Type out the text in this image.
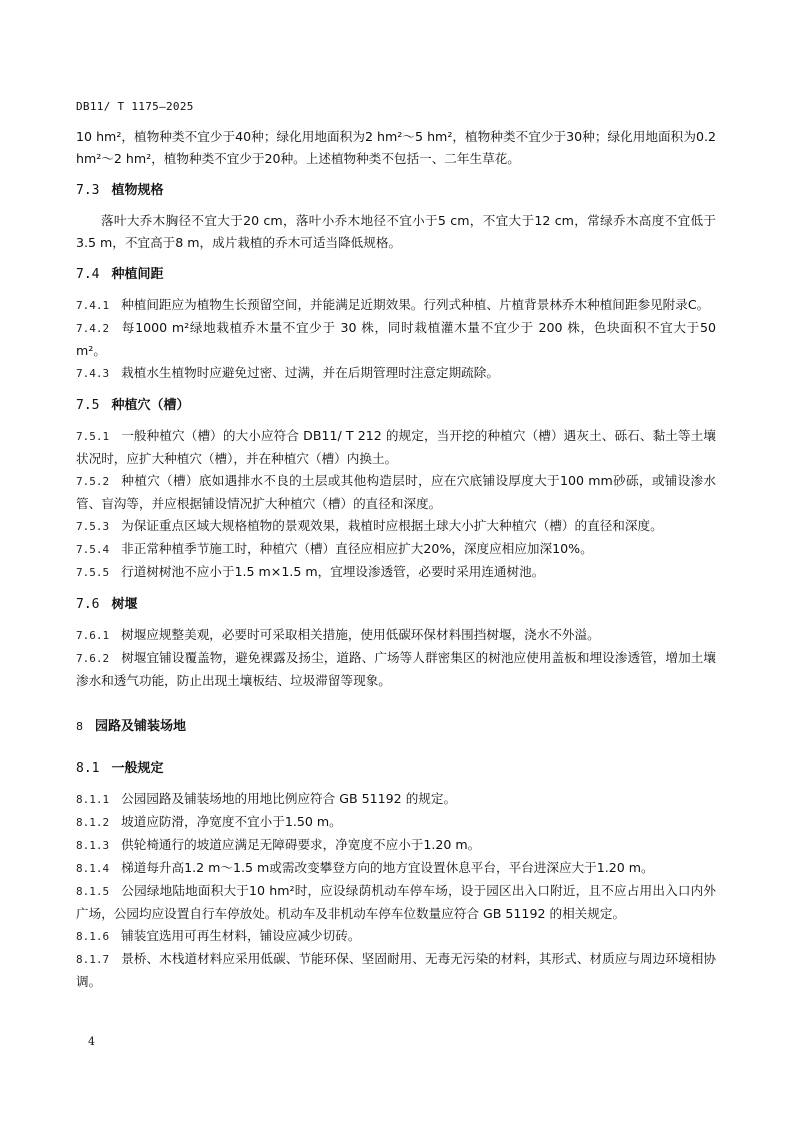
DB11/ T 1175—2025

10 hm²，植物种类不宜少于40种；绿化用地面积为2 hm²～5 hm²，植物种类不宜少于30种；绿化用地面积为0.2 hm²～2 hm²，植物种类不宜少于20种。上述植物种类不包括一、二年生草花。

7.3 植物规格

落叶大乔木胸径不宜大于20 cm，落叶小乔木地径不宜小于5 cm，不宜大于12 cm，常绿乔木高度不宜低于3.5 m，不宜高于8 m，成片栽植的乔木可适当降低规格。

7.4 种植间距

7.4.1 种植间距应为植物生长预留空间，并能满足近期效果。行列式种植、片植背景林乔木种植间距参见附录C。

7.4.2 每1000 m²绿地栽植乔木量不宜少于 30 株，同时栽植灌木量不宜少于 200 株，色块面积不宜大于50 m²。

7.4.3 栽植水生植物时应避免过密、过满，并在后期管理时注意定期疏除。

7.5 种植穴（槽）

7.5.1 一般种植穴（槽）的大小应符合 DB11/ T 212 的规定，当开挖的种植穴（槽）遇灰土、砾石、黏土等土壤状况时，应扩大种植穴（槽），并在种植穴（槽）内换土。

7.5.2 种植穴（槽）底如遇排水不良的土层或其他构造层时，应在穴底铺设厚度大于100 mm砂砾，或铺设渗水管、盲沟等，并应根据铺设情况扩大种植穴（槽）的直径和深度。

7.5.3 为保证重点区域大规格植物的景观效果，栽植时应根据土球大小扩大种植穴（槽）的直径和深度。

7.5.4 非正常种植季节施工时，种植穴（槽）直径应相应扩大20%，深度应相应加深10%。

7.5.5 行道树树池不应小于1.5 m×1.5 m，宜埋设渗透管，必要时采用连通树池。

7.6 树堰

7.6.1 树堰应规整美观，必要时可采取相关措施，使用低碳环保材料围挡树堰，浇水不外溢。

7.6.2 树堰宜铺设覆盖物，避免裸露及扬尘，道路、广场等人群密集区的树池应使用盖板和埋设渗透管，增加土壤渗水和透气功能，防止出现土壤板结、垃圾滞留等现象。

8 园路及铺装场地
8.1 一般规定

8.1.1 公园园路及铺装场地的用地比例应符合 GB 51192 的规定。

8.1.2 坡道应防滑，净宽度不宜小于1.50 m。

8.1.3 供轮椅通行的坡道应满足无障碍要求，净宽度不应小于1.20 m。

8.1.4 梯道每升高1.2 m～1.5 m或需改变攀登方向的地方宜设置休息平台，平台进深应大于1.20 m。

8.1.5 公园绿地陆地面积大于10 hm²时，应设绿荫机动车停车场，设于园区出入口附近，且不应占用出入口内外广场，公园均应设置自行车停放处。机动车及非机动车停车位数量应符合 GB 51192 的相关规定。

8.1.6 铺装宜选用可再生材料，铺设应减少切砖。

8.1.7 景桥、木栈道材料应采用低碳、节能环保、坚固耐用、无毒无污染的材料，其形式、材质应与周边环境相协调。

4
